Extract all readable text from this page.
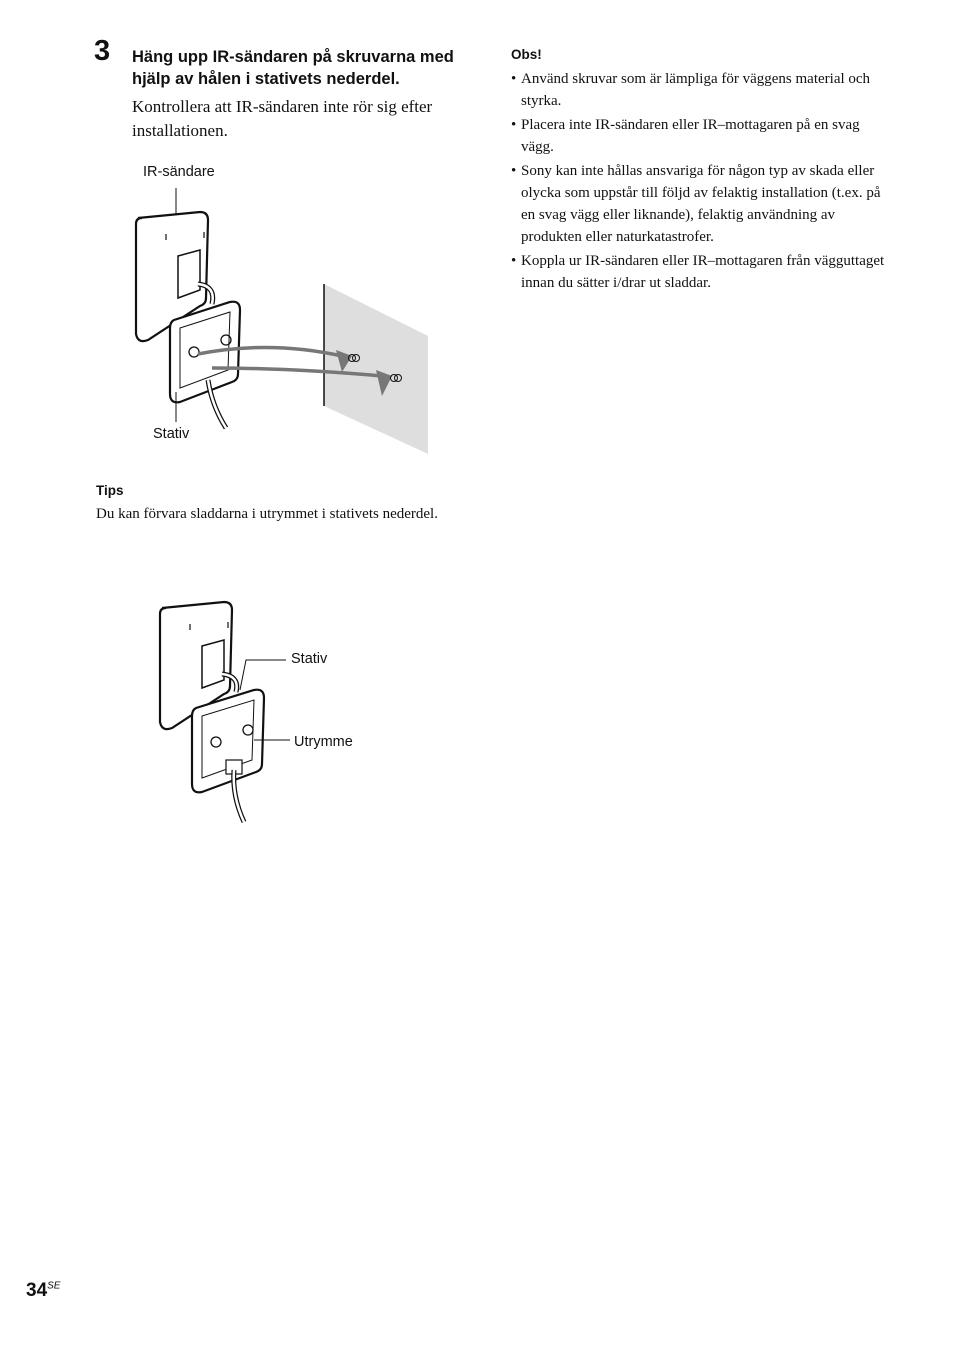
3 Häng upp IR-sändaren på skruvarna med hjälp av hålen i stativets nederdel.
Kontrollera att IR-sändaren inte rör sig efter installationen.
IR-sändare
Stativ
Tips
Du kan förvara sladdarna i utrymmet i stativets nederdel.
Stativ
Utrymme
Obs!
• Använd skruvar som är lämpliga för väggens material och styrka.
• Placera inte IR-sändaren eller IR–mottagaren på en svag vägg.
• Sony kan inte hållas ansvariga för någon typ av skada eller olycka som uppstår till följd av felaktig installation (t.ex. på en svag vägg eller liknande), felaktig användning av produkten eller naturkatastrofer.
• Koppla ur IR-sändaren eller IR–mottagaren från vägguttaget innan du sätter i/drar ut sladdar.
$34^{SE}$
